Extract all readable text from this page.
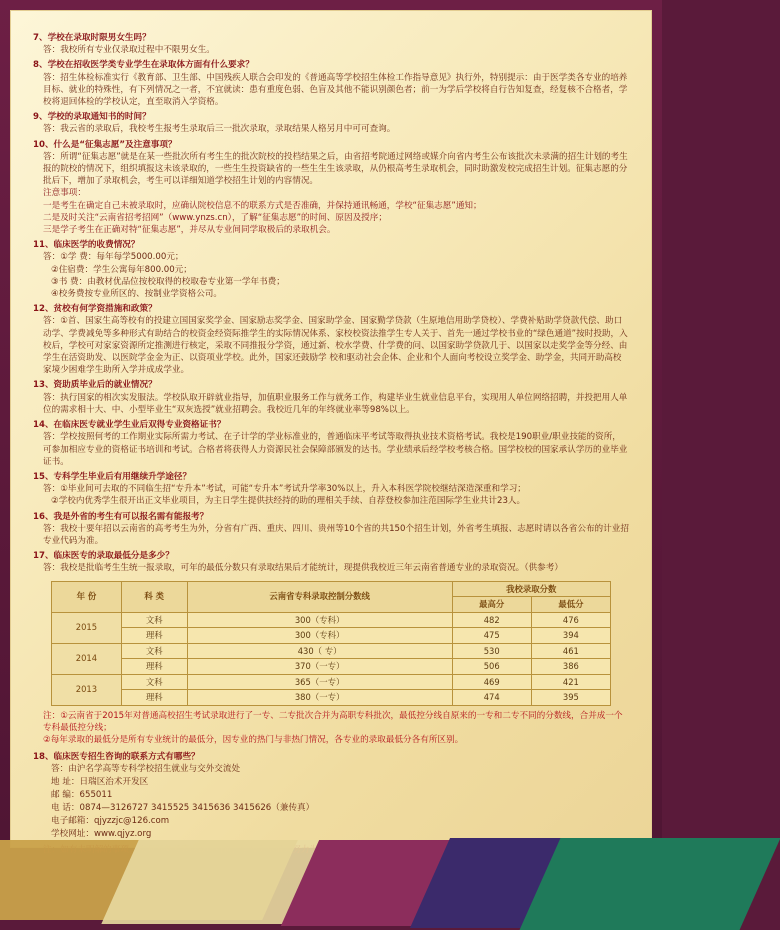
7、学校在录取时限男女生吗？
答：我校所有专业仅录取过程中不限男女生。
8、学校在招收医学类专业学生在录取体方面有什么要求？
答：招生体检标准实行《教育部、卫生部、中国残疾人联合会印发的《普通高等学校招生体检工作指导意见》执行外，特别提示：由于医学类各专业的培养目标、就业的特殊性，有下列情况之一者，不宜就读：患有重度色弱、色盲及其他不能识别颜色者；前一为学后学校将自行告知复查，经复核不合格者，学校将退回体检的学校认定，直至取消入学资格。
9、学校的录取通知书的时间？
答：我云省的录取后，我校考生报考生录取后三一批次录取，录取结果人格另月中可可查询。
10、什么是“征集志愿”及注意事项？
答：所谓“征集志愿”就是在某一些批次所有考生生的批次院校的投档结果之后，由省招考院通过网络或媒介向省内考生公布该批次未录满的招生计划的考生报的院校的情况下，组织填报这未该录取的，一些生生投资缺省的一些生生生该录取，从仍根高考生录取机会，同时助激发校完成招生计划。征集志愿的分批后下，增加了录取机会，考生可以详细知道学校招生计划的内容情况。
注意事项：
一是考生在确定自己未被录取时，应确认院校信息不的联系方式是否准确，并保持通讯畅通，学校“征集志愿”通知；
二是及时关注“云南省招考招网”（www.ynzs.cn），了解“征集志愿”的时间、原因及授序；
三是学子考生在正确对特“征集志愿”，并尽从专业间同学取极后的录取机会。
11、临床医学的收费情况？
答：①学 费：每年每学5000.00元；
②住宿费：学生公寓每年800.00元；
③书 费：由教材优品位按校取得的校取卷专业第一学年书费；
④校务费按专业所区的、按制业学资格公司。
12、贫校有何学资措施和政策？
答：①首、国家生高等校有的投建立国国家奖学金、国家励志奖学金、国家助学金、国家勤学贷款（生原地信用助学贷校）、学费补贴助学贷款代偿、助口动学、学费减免等多种形式有助结合的校资金经资际推学生的实际情况体系、家校校资法推学生专人关于、首先一通过学校书业的“绿色通道”按时投助，入校后，学校可对家家资源所定推测进行核定，采取不同推报分学资，通过新、校水学费、什学费的问、以国家助学贷款几于、以国家以走奖学金等分经、由学生在活资助发、以医院学金金为正、以资项业学校。此外，国家还鼓励学 校和驱动社会企体、企业和个人面向考校设立奖学金、助学金，共同开助高校家境少困难学生助所入学并成成学业。
13、资助质毕业后的就业情况？
答：执行国家的相次实发服法。学校队取开辟就业指导，加值职业服务工作与就务工作，构建毕业生就业信息平台，实现用人单位网络招聘，并投把用人单位的需求相十大、中、小型毕业生“双灰选授”就业招聘会。我校近几年的年终就业率等98%以上。
14、在临床医专就业学生业后双得专业资格证书？
答：学校按照何考的工作期业实际所需力考试、在子计学的学业标准业的，普通临床平考试等取得执业技术资格考试。我校是190职业/职业技能的资所，可参加相应专业的资格证书培训和考试。合格者将获得人力资源民社会保障部颁发的达书。学业绩承后经学校考核合格。国学校校的国家承认学历的业毕业证书。
15、专科学生毕业后有用继续升学途径？
答：①毕业间可去取的不同临生招“专升本”考试，可能“专升本”考试升学率30%以上，升入本科医学院校继结深造深重和学习；
②学校内优秀学生很开出正文毕业项目，为主日学生提供扶经持的助的理相关手续、自荐登校参加注范国际学生业共计23人。
16、我是外省的考生有可以报名需有能报考？
答：我校十要年招以云南省的高考考生为外，分省有广西、重庆、四川、贵州等10个省的共150个招生计划，外省考生填报、志愿时请以各省公布的计业招专业代码为准。
17、临床医专的录取最低分是多少？
答：我校是批临考生生统一报录取，可年的最低分数只有录取结果后才能统计，现提供我校近三年云南省普通专业的录取资况。（供参考）
年 份	科 类	云南省专科录取控制分数线	我校录取分数	
			最高分	最低分
2015	文科	300（专科）	482	476
	理科	300（专科）	475	394
2014	文科	430（ 专）	530	461
	理科	370（一专）	506	386
2013	文科	365（一专）	469	421
	理科	380（一专）	474	395
注：①云南省于2015年对普通高校招生考试录取进行了一专、二专批次合并为高职专科批次，最低控分线自原来的一专和二专不同的分数线，合并成一个专科最低控分线；
②每年录取的最低分是所有专业统计的最低分，因专业的热门与非热门情况，各专业的录取最低分各有所区别。
18、临床医专招生咨询的联系方式有哪些？
答：由沪名学高等专科学校招生就业与交外交流处
地 址：日瑞区治术开发区
邮 编：655011
电 话：0874—3126727 3415525 3415636 3415626（兼传真）
电子邮箱：qjyzzjc@126.com
学校网址：www.qjyz.org
